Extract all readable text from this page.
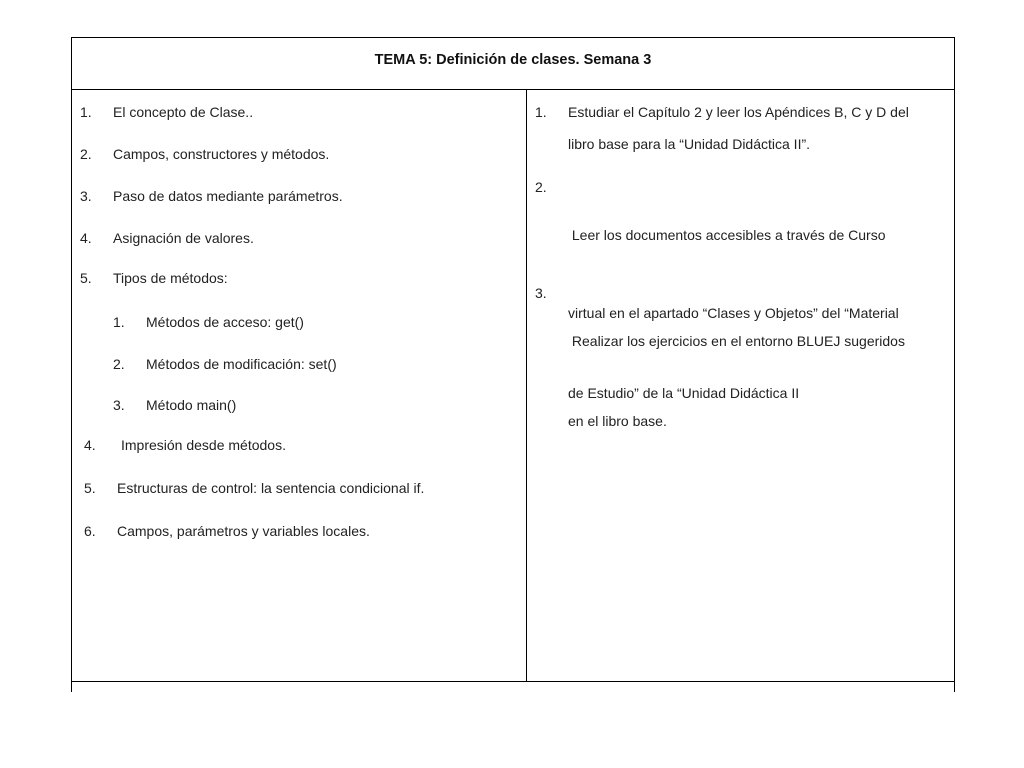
TEMA 5: Definición de clases. Semana 3
1. El concepto de Clase..
2. Campos, constructores y métodos.
3. Paso de datos mediante parámetros.
4. Asignación de valores.
5. Tipos de métodos:
1. Métodos de acceso: get()
2. Métodos de modificación: set()
3. Método main()
4. Impresión desde métodos.
5. Estructuras de control: la sentencia condicional if.
6. Campos, parámetros y variables locales.
1. Estudiar el Capítulo 2 y leer los Apéndices B, C y D del
libro base para la “Unidad Didáctica II”.
2.

Leer los documentos accesibles a través de Curso

virtual en el apartado “Clases y Objetos” del “Material

de Estudio” de la “Unidad Didáctica II

3.

Realizar los ejercicios en el entorno BLUEJ sugeridos

en el libro base.
